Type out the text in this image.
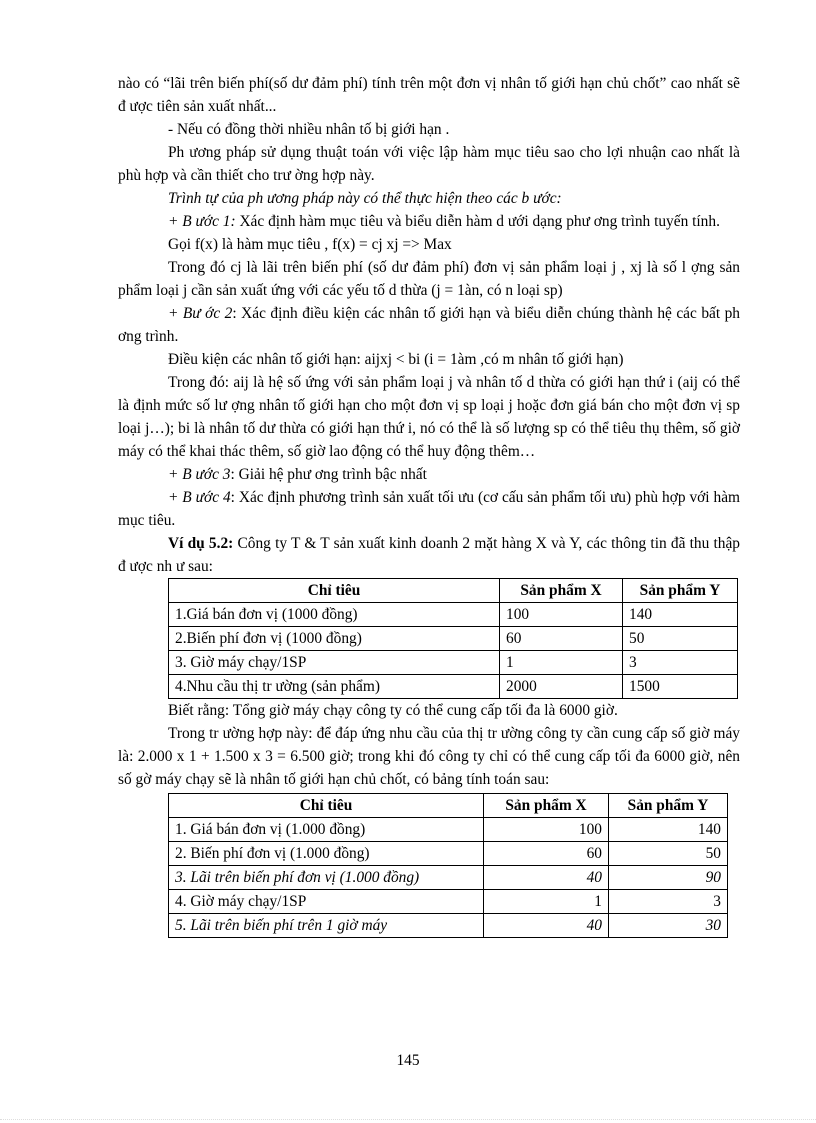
nào có “lãi trên biến phí(số dư đảm phí) tính trên một đơn vị nhân tố giới hạn chủ chốt” cao nhất sẽ đ ược tiên sản xuất nhất...

- Nếu có đồng thời nhiều nhân tố bị giới hạn .

Ph ương pháp sử dụng thuật toán với việc lập hàm mục tiêu sao cho lợi nhuận cao nhất là phù hợp và cần thiết cho trư ờng hợp này.

Trình tự của ph ương pháp này có thể thực hiện theo các b ước:

+ B ước 1: Xác định hàm mục tiêu và biểu diễn hàm d ưới dạng phư ơng trình tuyến tính.

Gọi f(x) là hàm mục tiêu , f(x) = cj xj => Max

Trong đó cj là lãi trên biến phí (số dư đảm phí) đơn vị sản phẩm loại j , xj là số l ợng sản phẩm loại j cần sản xuất ứng với các yếu tố d thừa (j = 1àn, có n loại sp)

+ Bư ớc 2: Xác định điều kiện các nhân tố giới hạn và biểu diễn chúng thành hệ các bất ph ơng trình.

Điều kiện các nhân tố giới hạn: aijxj < bi (i = 1àm ,có m nhân tố giới hạn)

Trong đó: aij là hệ số ứng với sản phẩm loại j và nhân tố d thừa có giới hạn thứ i (aij có thể là định mức số lư ợng nhân tố giới hạn cho một đơn vị sp loại j hoặc đơn giá bán cho một đơn vị sp loại j…); bi là nhân tố dư thừa có giới hạn thứ i, nó có thể là số lượng sp có thể tiêu thụ thêm, số giờ máy có thể khai thác thêm, số giờ lao động có thể huy động thêm…

+ B ước 3: Giải hệ phư ơng trình bậc nhất

+ B ước 4: Xác định phương trình sản xuất tối ưu (cơ cấu sản phẩm tối ưu) phù hợp với hàm mục tiêu.

Ví dụ 5.2: Công ty T & T sản xuất kinh doanh 2 mặt hàng X và Y, các thông tin đã thu thập đ ược nh ư sau:

Chỉ tiêu	Sản phẩm X	Sản phẩm Y
1.Giá bán đơn vị (1000 đồng)	100	140
2.Biến phí đơn vị (1000 đồng)	60	50
3. Giờ máy chạy/1SP	1	3
4.Nhu cầu thị tr ường (sản phẩm)	2000	1500

Biết rằng: Tổng giờ máy chạy công ty có thể cung cấp tối đa là 6000 giờ.

Trong tr ường hợp này: để đáp ứng nhu cầu của thị tr ường công ty cần cung cấp số giờ máy là: 2.000 x 1 + 1.500 x 3 = 6.500 giờ; trong khi đó công ty chỉ có thể cung cấp tối đa 6000 giờ, nên số gờ máy chạy sẽ là nhân tố giới hạn chủ chốt, có bảng tính toán sau:

Chỉ tiêu	Sản phẩm X	Sản phẩm Y
1. Giá bán đơn vị (1.000 đồng)	100	140
2. Biến phí đơn vị (1.000 đồng)	60	50
3. Lãi trên biến phí đơn vị (1.000 đồng)	40	90
4. Giờ máy chạy/1SP	1	3
5. Lãi trên biến phí trên 1 giờ máy	40	30
145
